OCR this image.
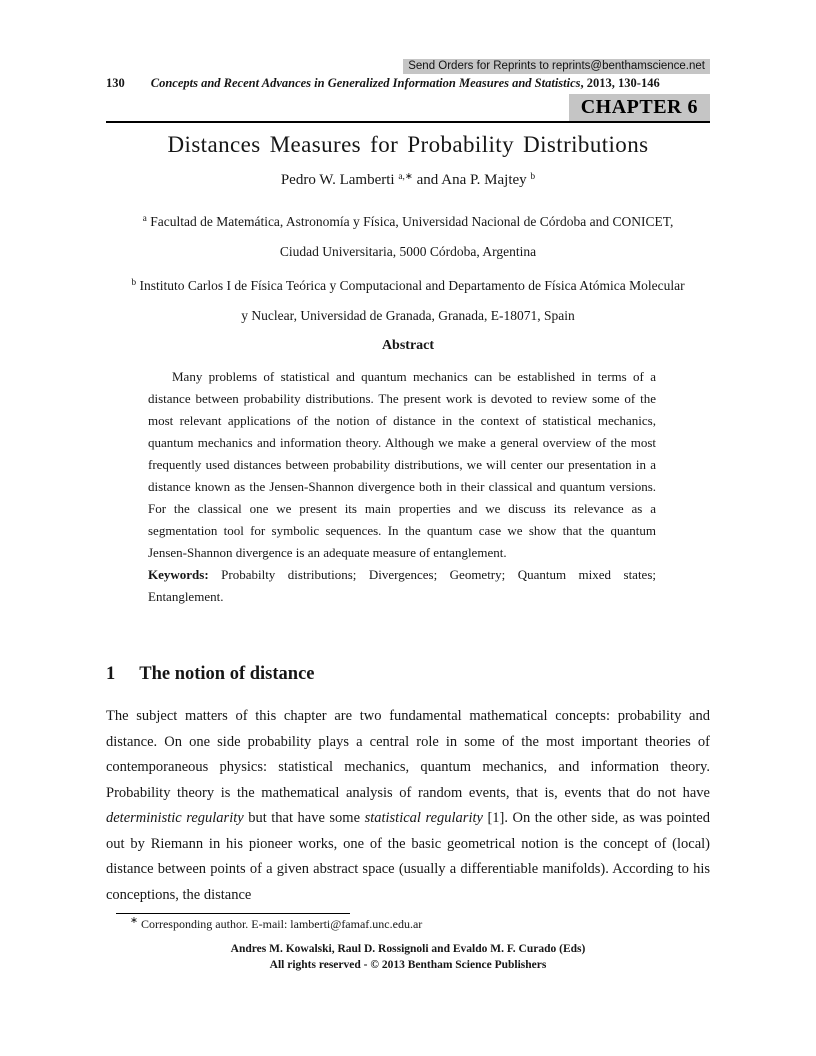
Send Orders for Reprints to reprints@benthamscience.net
130 Concepts and Recent Advances in Generalized Information Measures and Statistics, 2013, 130-146
CHAPTER 6
Distances Measures for Probability Distributions
Pedro W. Lamberti $^{a,∗}$ and Ana P. Majtey $^b$
$^a$ Facultad de Matemática, Astronomía y Física, Universidad Nacional de Córdoba and CONICET, Ciudad Universitaria, 5000 Córdoba, Argentina
$^b$ Instituto Carlos I de Física Teórica y Computacional and Departamento de Física Atómica Molecular y Nuclear, Universidad de Granada, Granada, E-18071, Spain
Abstract

Many problems of statistical and quantum mechanics can be established in terms of a distance between probability distributions. The present work is devoted to review some of the most relevant applications of the notion of distance in the context of statistical mechanics, quantum mechanics and information theory. Although we make a general overview of the most frequently used distances between probability distributions, we will center our presentation in a distance known as the Jensen-Shannon divergence both in their classical and quantum versions. For the classical one we present its main properties and we discuss its relevance as a segmentation tool for symbolic sequences. In the quantum case we show that the quantum Jensen-Shannon divergence is an adequate measure of entanglement.

Keywords: Probabilty distributions; Divergences; Geometry; Quantum mixed states; Entanglement.

1 The notion of distance

The subject matters of this chapter are two fundamental mathematical concepts: probability and distance. On one side probability plays a central role in some of the most important theories of contemporaneous physics: statistical mechanics, quantum mechanics, and information theory. Probability theory is the mathematical analysis of random events, that is, events that do not have deterministic regularity but that have some statistical regularity [1]. On the other side, as was pointed out by Riemann in his pioneer works, one of the basic geometrical notion is the concept of (local) distance between points of a given abstract space (usually a differentiable manifolds). According to his conceptions, the distance

∗ Corresponding author. E-mail: lamberti@famaf.unc.edu.ar
Andres M. Kowalski, Raul D. Rossignoli and Evaldo M. F. Curado (Eds)
All rights reserved - © 2013 Bentham Science Publishers
